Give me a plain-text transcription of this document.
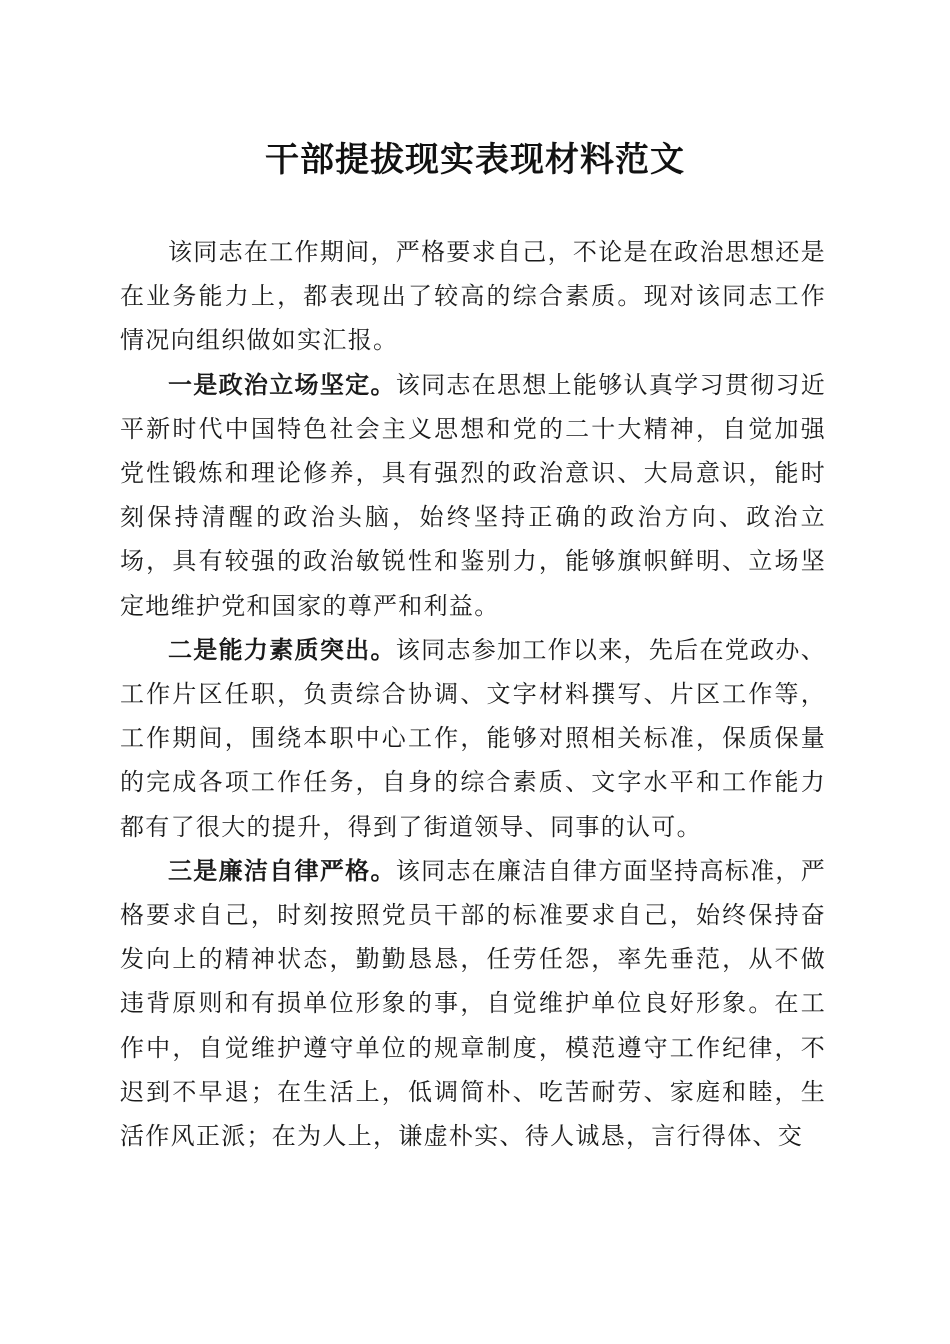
干部提拔现实表现材料范文

该同志在工作期间，严格要求自己，不论是在政治思想还是在业务能力上，都表现出了较高的综合素质。现对该同志工作情况向组织做如实汇报。

一是政治立场坚定。该同志在思想上能够认真学习贯彻习近平新时代中国特色社会主义思想和党的二十大精神，自觉加强党性锻炼和理论修养，具有强烈的政治意识、大局意识，能时刻保持清醒的政治头脑，始终坚持正确的政治方向、政治立场，具有较强的政治敏锐性和鉴别力，能够旗帜鲜明、立场坚定地维护党和国家的尊严和利益。

二是能力素质突出。该同志参加工作以来，先后在党政办、工作片区任职，负责综合协调、文字材料撰写、片区工作等，工作期间，围绕本职中心工作，能够对照相关标准，保质保量的完成各项工作任务，自身的综合素质、文字水平和工作能力都有了很大的提升，得到了街道领导、同事的认可。

三是廉洁自律严格。该同志在廉洁自律方面坚持高标准，严格要求自己，时刻按照党员干部的标准要求自己，始终保持奋发向上的精神状态，勤勤恳恳，任劳任怨，率先垂范，从不做违背原则和有损单位形象的事，自觉维护单位良好形象。在工作中，自觉维护遵守单位的规章制度，模范遵守工作纪律，不迟到不早退；在生活上，低调简朴、吃苦耐劳、家庭和睦，生活作风正派；在为人上，谦虚朴实、待人诚恳，言行得体、交
